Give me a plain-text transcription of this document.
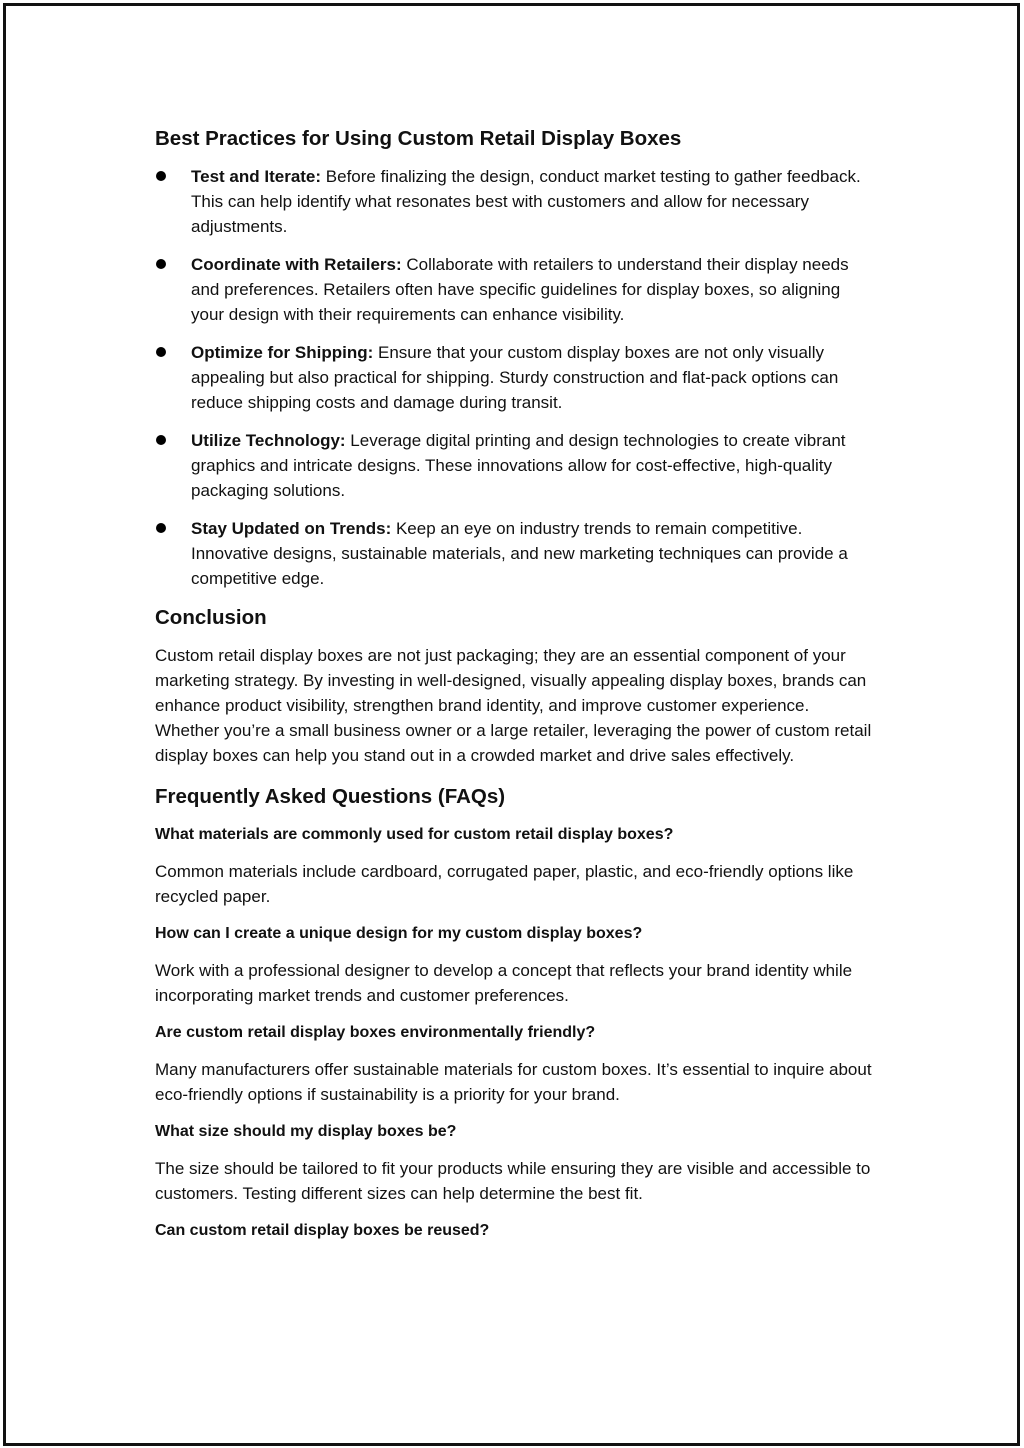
Best Practices for Using Custom Retail Display Boxes
Test and Iterate: Before finalizing the design, conduct market testing to gather feedback. This can help identify what resonates best with customers and allow for necessary adjustments.
Coordinate with Retailers: Collaborate with retailers to understand their display needs and preferences. Retailers often have specific guidelines for display boxes, so aligning your design with their requirements can enhance visibility.
Optimize for Shipping: Ensure that your custom display boxes are not only visually appealing but also practical for shipping. Sturdy construction and flat-pack options can reduce shipping costs and damage during transit.
Utilize Technology: Leverage digital printing and design technologies to create vibrant graphics and intricate designs. These innovations allow for cost-effective, high-quality packaging solutions.
Stay Updated on Trends: Keep an eye on industry trends to remain competitive. Innovative designs, sustainable materials, and new marketing techniques can provide a competitive edge.
Conclusion

Custom retail display boxes are not just packaging; they are an essential component of your marketing strategy. By investing in well-designed, visually appealing display boxes, brands can enhance product visibility, strengthen brand identity, and improve customer experience. Whether you’re a small business owner or a large retailer, leveraging the power of custom retail display boxes can help you stand out in a crowded market and drive sales effectively.

Frequently Asked Questions (FAQs)

What materials are commonly used for custom retail display boxes?

Common materials include cardboard, corrugated paper, plastic, and eco-friendly options like recycled paper.

How can I create a unique design for my custom display boxes?

Work with a professional designer to develop a concept that reflects your brand identity while incorporating market trends and customer preferences.

Are custom retail display boxes environmentally friendly?

Many manufacturers offer sustainable materials for custom boxes. It’s essential to inquire about eco-friendly options if sustainability is a priority for your brand.

What size should my display boxes be?

The size should be tailored to fit your products while ensuring they are visible and accessible to customers. Testing different sizes can help determine the best fit.

Can custom retail display boxes be reused?
